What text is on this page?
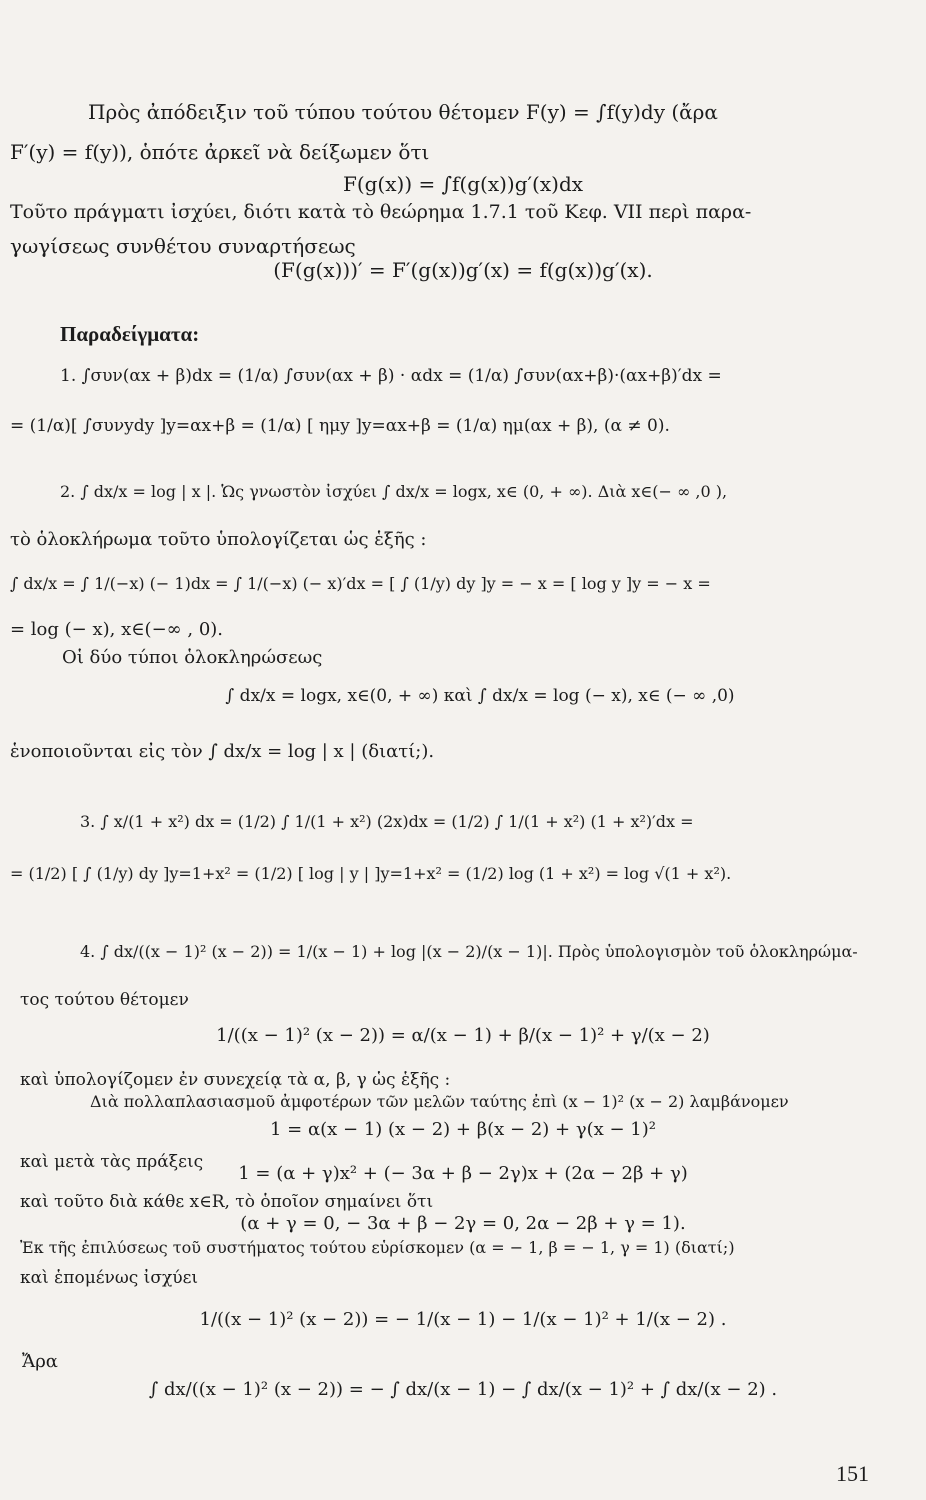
Πρὸς ἀπόδειξιν τοῦ τύπου τούτου θέτομεν F(y) = ∫f(y)dy (ἄρα
F′(y) = f(y)), ὁπότε ἀρκεῖ νὰ δείξωμεν ὅτι
F(g(x)) = ∫f(g(x))g′(x)dx
Τοῦτο πράγματι ἰσχύει, διότι κατὰ τὸ θεώρημα 1.7.1 τοῦ Κεφ. VII περὶ παρα-
γωγίσεως συνθέτου συναρτήσεως
(F(g(x)))′ = F′(g(x))g′(x) = f(g(x))g′(x).
Παραδείγματα:
1. ∫συν(αx + β)dx = (1/α) ∫συν(αx + β) · αdx = (1/α) ∫συν(αx+β)·(αx+β)′dx =
= (1/α)[ ∫συνydy ]y=αx+β = (1/α) [ ημy ]y=αx+β = (1/α) ημ(αx + β), (α ≠ 0).
2. ∫ dx/x = log | x |. Ὡς γνωστὸν ἰσχύει ∫ dx/x = logx, x∈ (0, + ∞). Διὰ x∈(− ∞ ,0 ),
τὸ ὁλοκλήρωμα τοῦτο ὑπολογίζεται ὡς ἑξῆς :
∫ dx/x = ∫ 1/(−x) (− 1)dx = ∫ 1/(−x) (− x)′dx = [ ∫ (1/y) dy ]y = − x = [ log y ]y = − x =
= log (− x), x∈(−∞ , 0).
Οἱ δύο τύποι ὁλοκληρώσεως
∫ dx/x = logx, x∈(0, + ∞) καὶ ∫ dx/x = log (− x), x∈ (− ∞ ,0)
ἑνοποιοῦνται εἰς τὸν ∫ dx/x = log | x | (διατί;).
3. ∫ x/(1 + x²) dx = (1/2) ∫ 1/(1 + x²) (2x)dx = (1/2) ∫ 1/(1 + x²) (1 + x²)′dx =
= (1/2) [ ∫ (1/y) dy ]y=1+x² = (1/2) [ log | y | ]y=1+x² = (1/2) log (1 + x²) = log √(1 + x²).
4. ∫ dx/((x − 1)² (x − 2)) = 1/(x − 1) + log |(x − 2)/(x − 1)|. Πρὸς ὑπολογισμὸν τοῦ ὁλοκληρώμα-
τος τούτου θέτομεν
1/((x − 1)² (x − 2)) = α/(x − 1) + β/(x − 1)² + γ/(x − 2)
καὶ ὑπολογίζομεν ἐν συνεχείᾳ τὰ α, β, γ ὡς ἑξῆς :
Διὰ πολλαπλασιασμοῦ ἀμφοτέρων τῶν μελῶν ταύτης ἐπὶ (x − 1)² (x − 2) λαμβάνομεν
1 = α(x − 1) (x − 2) + β(x − 2) + γ(x − 1)²
καὶ μετὰ τὰς πράξεις
1 = (α + γ)x² + (− 3α + β − 2γ)x + (2α − 2β + γ)
καὶ τοῦτο διὰ κάθε x∈R, τὸ ὁποῖον σημαίνει ὅτι
(α + γ = 0, − 3α + β − 2γ = 0, 2α − 2β + γ = 1).
Ἐκ τῆς ἐπιλύσεως τοῦ συστήματος τούτου εὑρίσκομεν (α = − 1, β = − 1, γ = 1) (διατί;)
καὶ ἑπομένως ἰσχύει
1/((x − 1)² (x − 2)) = − 1/(x − 1) − 1/(x − 1)² + 1/(x − 2) .
Ἄρα
∫ dx/((x − 1)² (x − 2)) = − ∫ dx/(x − 1) − ∫ dx/(x − 1)² + ∫ dx/(x − 2) .
151
